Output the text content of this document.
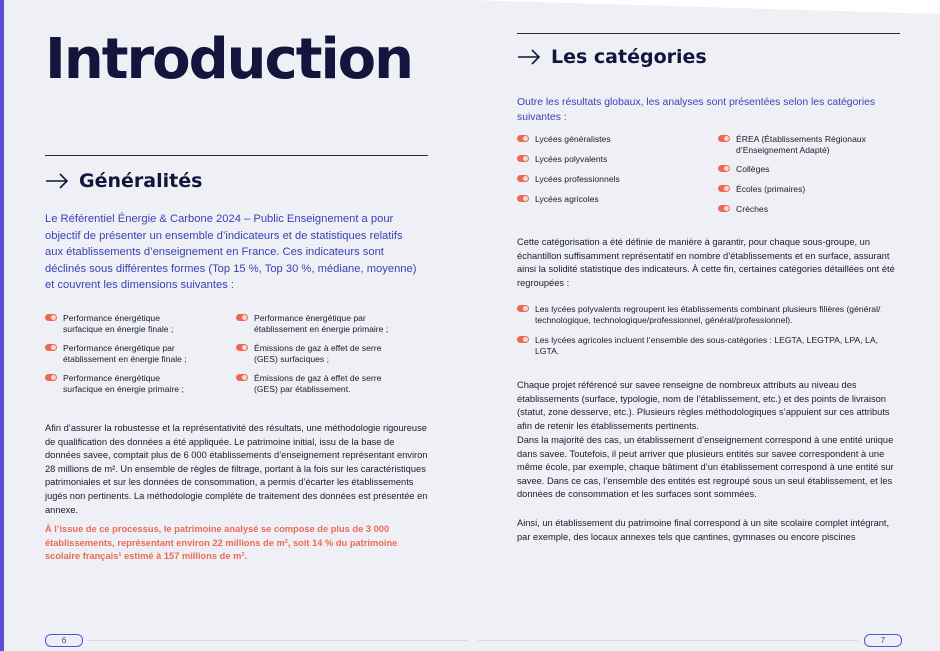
Introduction
Généralités

Le Référentiel Énergie & Carbone 2024 – Public Enseignement a pour objectif de présenter un ensemble d’indicateurs et de statistiques relatifs aux établissements d’enseignement en France. Ces indicateurs sont déclinés sous différentes formes (Top 15 %, Top 30 %, médiane, moyenne) et couvrent les dimensions suivantes :

Performance énergétique surfacique en énergie finale ;
Performance énergétique par établissement en énergie finale ;
Performance énergétique surfacique en énergie primaire ;
Performance énergétique par établissement en énergie primaire ;
Émissions de gaz à effet de serre (GES) surfaciques ;
Émissions de gaz à effet de serre (GES) par établissement.

Afin d’assurer la robustesse et la représentativité des résultats, une méthodologie rigoureuse de qualification des données a été appliquée. Le patrimoine initial, issu de la base de données savee, comptait plus de 6 000 établissements d’enseignement représentant environ 28 millions de m². Un ensemble de règles de filtrage, portant à la fois sur les caractéristiques patrimoniales et sur les données de consommation, a permis d’écarter les établissements jugés non pertinents. La méthodologie complète de traitement des données est présentée en annexe.

À l’issue de ce processus, le patrimoine analysé se compose de plus de 3 000 établissements, représentant environ 22 millions de m², soit 14 % du patrimoine scolaire français¹ estimé à 157 millions de m².

6
Les catégories

Outre les résultats globaux, les analyses sont présentées selon les catégories suivantes :

Lycées généralistes
Lycées polyvalents
Lycées professionnels
Lycées agricoles
ÉREA (Établissements Régionaux d’Enseignement Adapté)
Collèges
Écoles (primaires)
Crèches

Cette catégorisation a été définie de manière à garantir, pour chaque sous-groupe, un échantillon suffisamment représentatif en nombre d’établissements et en surface, assurant ainsi la solidité statistique des indicateurs. À cette fin, certaines catégories détaillées ont été regroupées :

Les lycées polyvalents regroupent les établissements combinant plusieurs filières (général/ technologique, technologique/professionnel, général/professionnel).
Les lycées agricoles incluent l’ensemble des sous-catégories : LEGTA, LEGTPA, LPA, LA, LGTA.

Chaque projet référencé sur savee renseigne de nombreux attributs au niveau des établissements (surface, typologie, nom de l’établissement, etc.) et des points de livraison (statut, zone desserve, etc.). Plusieurs règles méthodologiques s’appuient sur ces attributs afin de retenir les établissements pertinents.

Dans la majorité des cas, un établissement d’enseignement correspond à une entité unique dans savee. Toutefois, il peut arriver que plusieurs entités sur savee correspondent à une même école, par exemple, chaque bâtiment d’un établissement correspond à une entité sur savee. Dans ce cas, l’ensemble des entités est regroupé sous un seul établissement, et les données de consommation et les surfaces sont sommées.

Ainsi, un établissement du patrimoine final correspond à un site scolaire complet intégrant, par exemple, des locaux annexes tels que cantines, gymnases ou encore piscines

7
